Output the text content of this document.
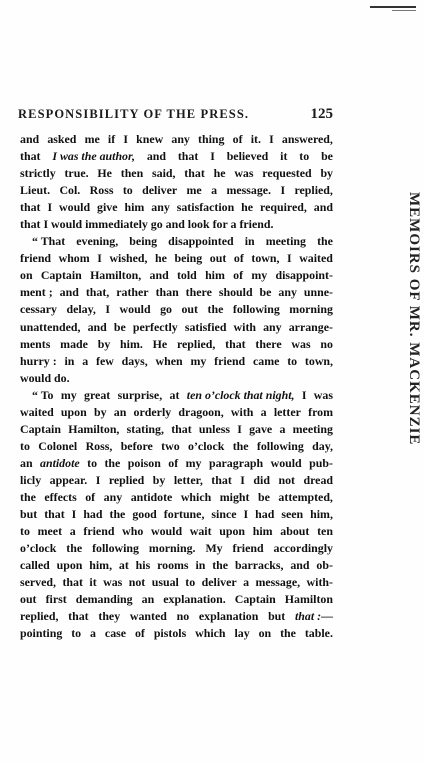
RESPONSIBILITY OF THE PRESS.	125
and asked me if I knew any thing of it. I answered,
that I was the author, and that I believed it to be
strictly true. He then said, that he was requested by
Lieut. Col. Ross to deliver me a message. I replied,
that I would give him any satisfaction he required, and
that I would immediately go and look for a friend.
“ That evening, being disappointed in meeting the
friend whom I wished, he being out of town, I waited
on Captain Hamilton, and told him of my disappoint-
ment ; and that, rather than there should be any unne-
cessary delay, I would go out the following morning
unattended, and be perfectly satisfied with any arrange-
ments made by him. He replied, that there was no
hurry : in a few days, when my friend came to town,
would do.
“ To my great surprise, at ten o’clock that night, I was
waited upon by an orderly dragoon, with a letter from
Captain Hamilton, stating, that unless I gave a meeting
to Colonel Ross, before two o’clock the following day,
an antidote to the poison of my paragraph would pub-
licly appear. I replied by letter, that I did not dread
the effects of any antidote which might be attempted,
but that I had the good fortune, since I had seen him,
to meet a friend who would wait upon him about ten
o’clock the following morning. My friend accordingly
called upon him, at his rooms in the barracks, and ob-
served, that it was not usual to deliver a message, with-
out first demanding an explanation. Captain Hamilton
replied, that they wanted no explanation but that :—
pointing to a case of pistols which lay on the table.
MEMOIRS OF MR. MACKENZIE
